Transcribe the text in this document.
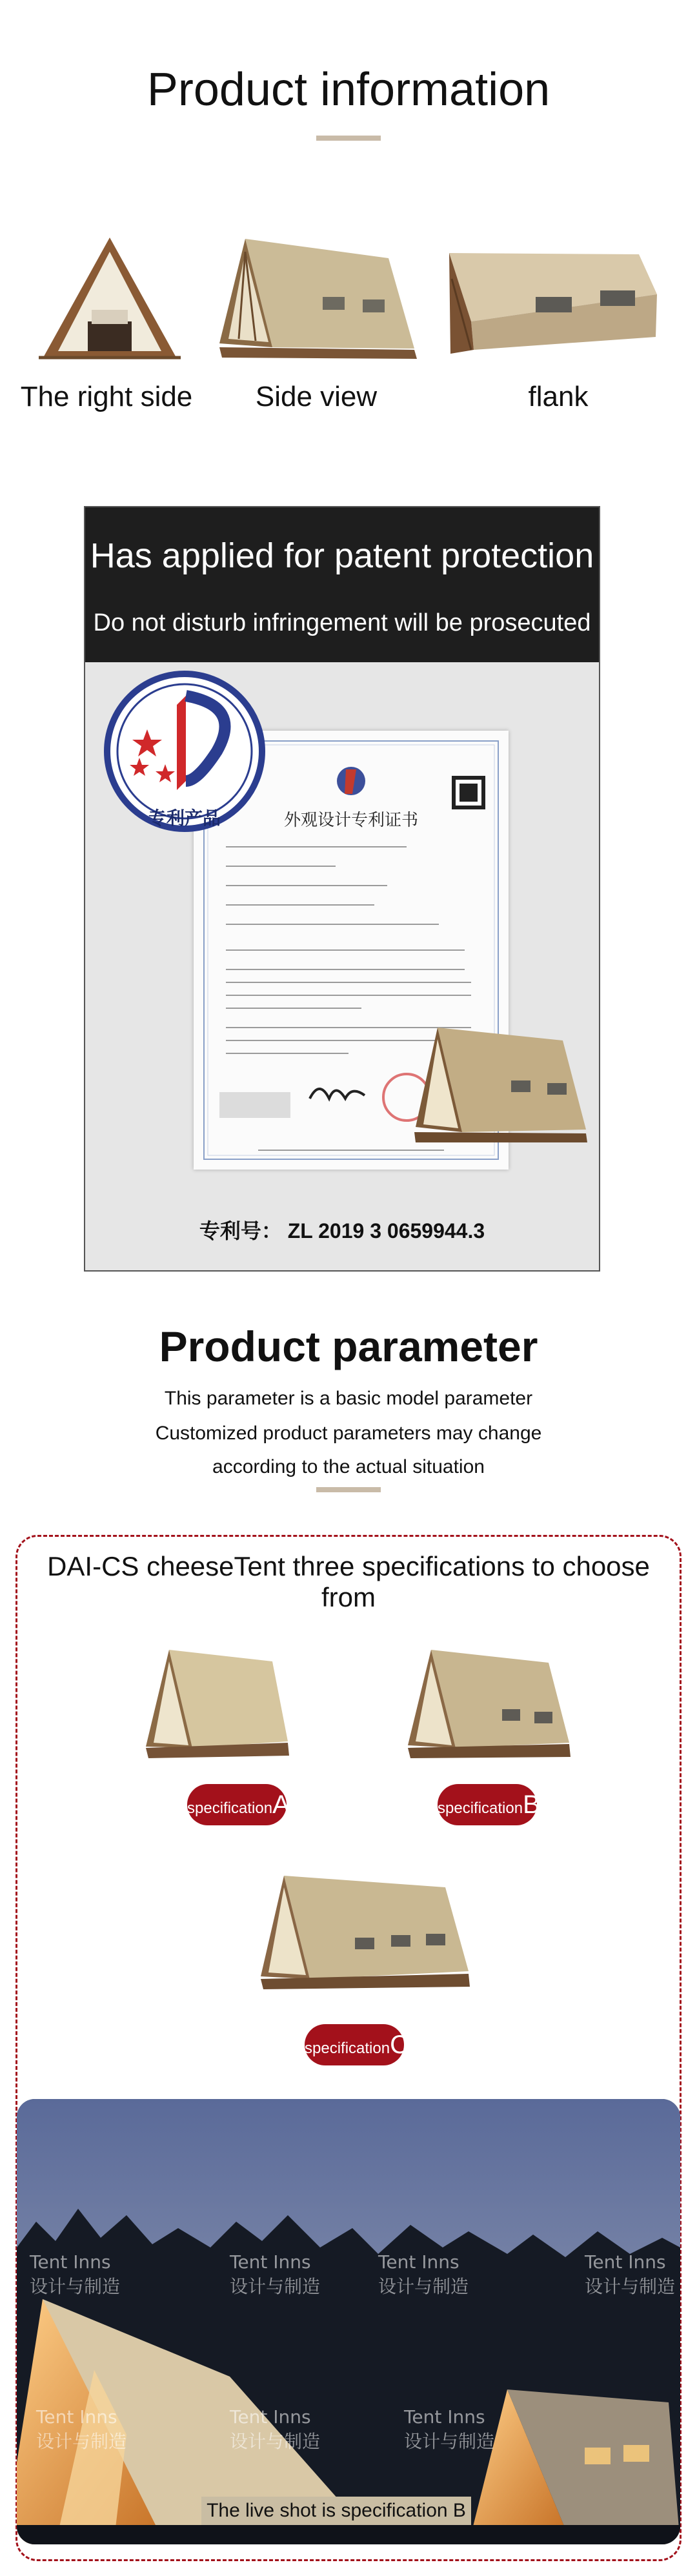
Product information
The right side	Side view	flank
Has applied for patent protection
Do not disturb infringement will be prosecuted
外观设计专利证书
专利产品
专利号： ZL 2019 3 0659944.3
Product parameter
This parameter is a basic model parameter
Customized product parameters may change
according to the actual situation
DAI-CS cheeseTent three specifications to choose from
specificationA	specificationB
specificationC
Tent Inns
设计与制造
Tent Inns
设计与制造
Tent Inns
设计与制造
Tent Inns
设计与制造
Tent Inns
设计与制造
Tent Inns
设计与制造
Tent Inns
设计与制造
The live shot is specification B
